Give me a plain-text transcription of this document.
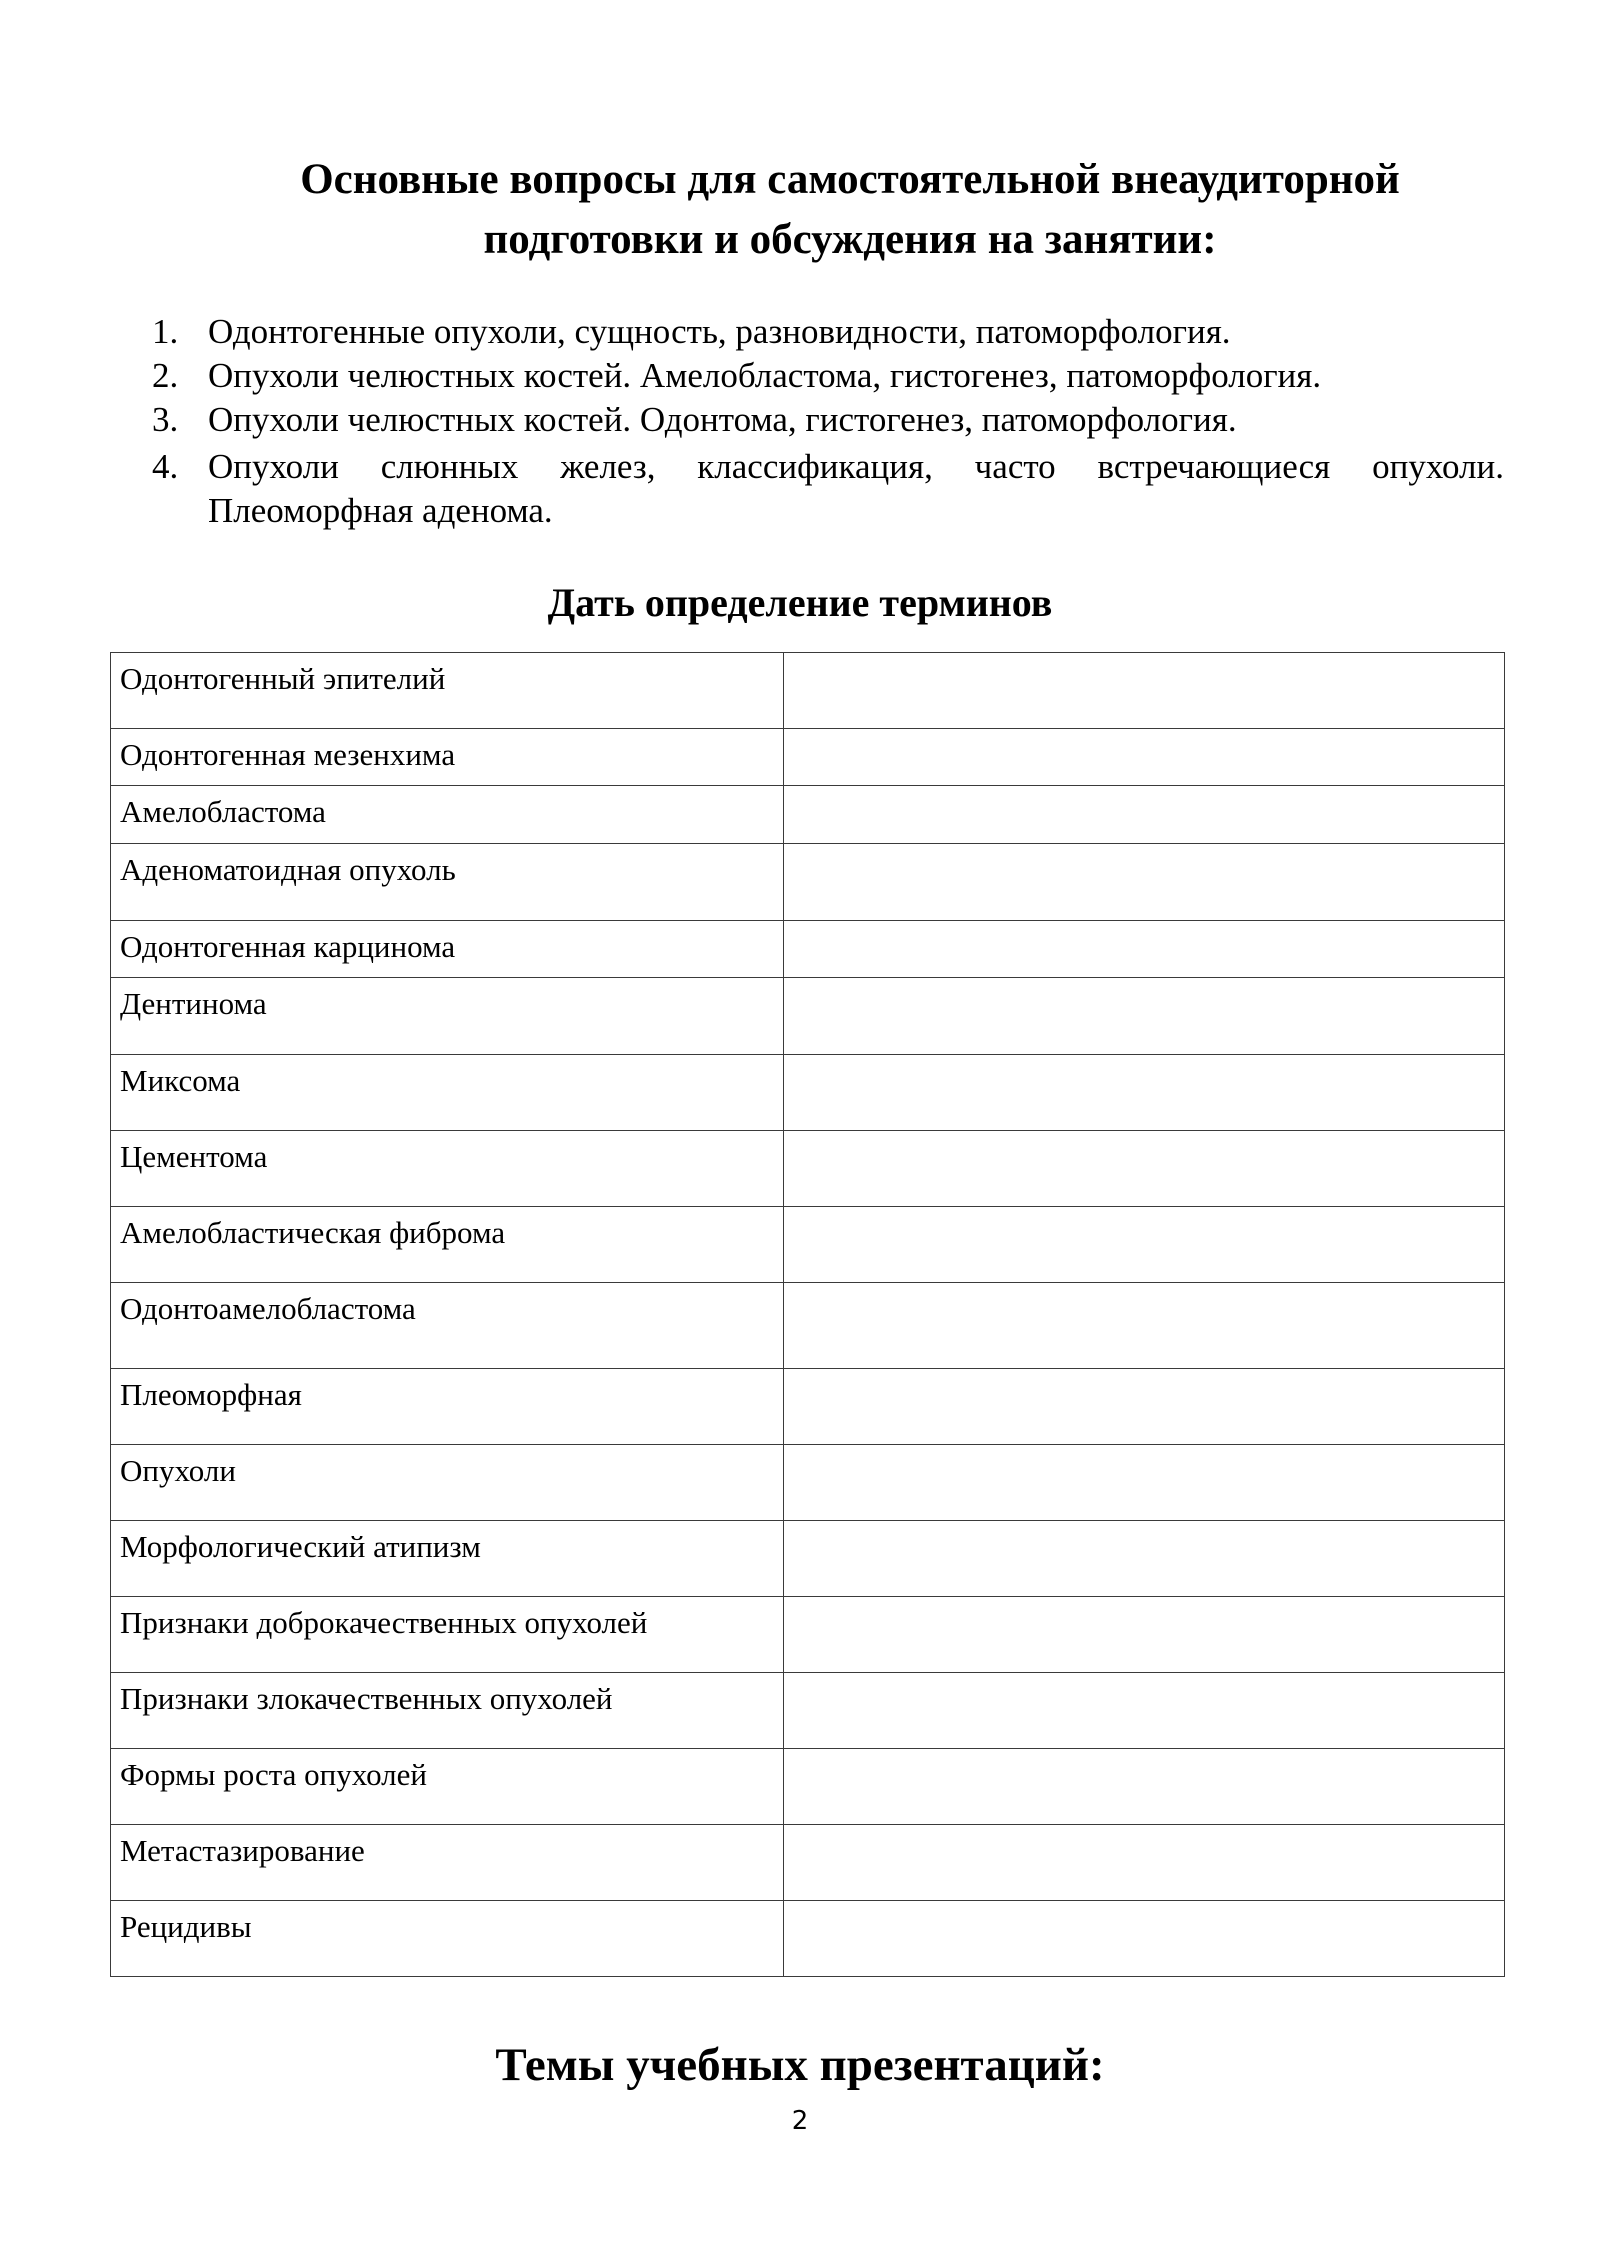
Основные вопросы для самостоятельной внеаудиторной
подготовки и обсуждения на занятии:
1. Одонтогенные опухоли, сущность, разновидности, патоморфология.
2. Опухоли челюстных костей. Амелобластома, гистогенез, патоморфология.
3. Опухоли челюстных костей. Одонтома, гистогенез, патоморфология.
4. Опухоли слюнных желез, классификация, часто встречающиеся опухоли. Плеоморфная аденома.
Дать определение терминов
Одонтогенный эпителий	
Одонтогенная мезенхима	
Амелобластома	
Аденоматоидная опухоль	
Одонтогенная карцинома	
Дентинома	
Миксома	
Цементома	
Амелобластическая фиброма	
Одонтоамелобластома	
Плеоморфная	
Опухоли	
Морфологический атипизм	
Признаки доброкачественных опухолей	
Признаки злокачественных опухолей	
Формы роста опухолей	
Метастазирование	
Рецидивы	
Темы учебных презентаций:
2
